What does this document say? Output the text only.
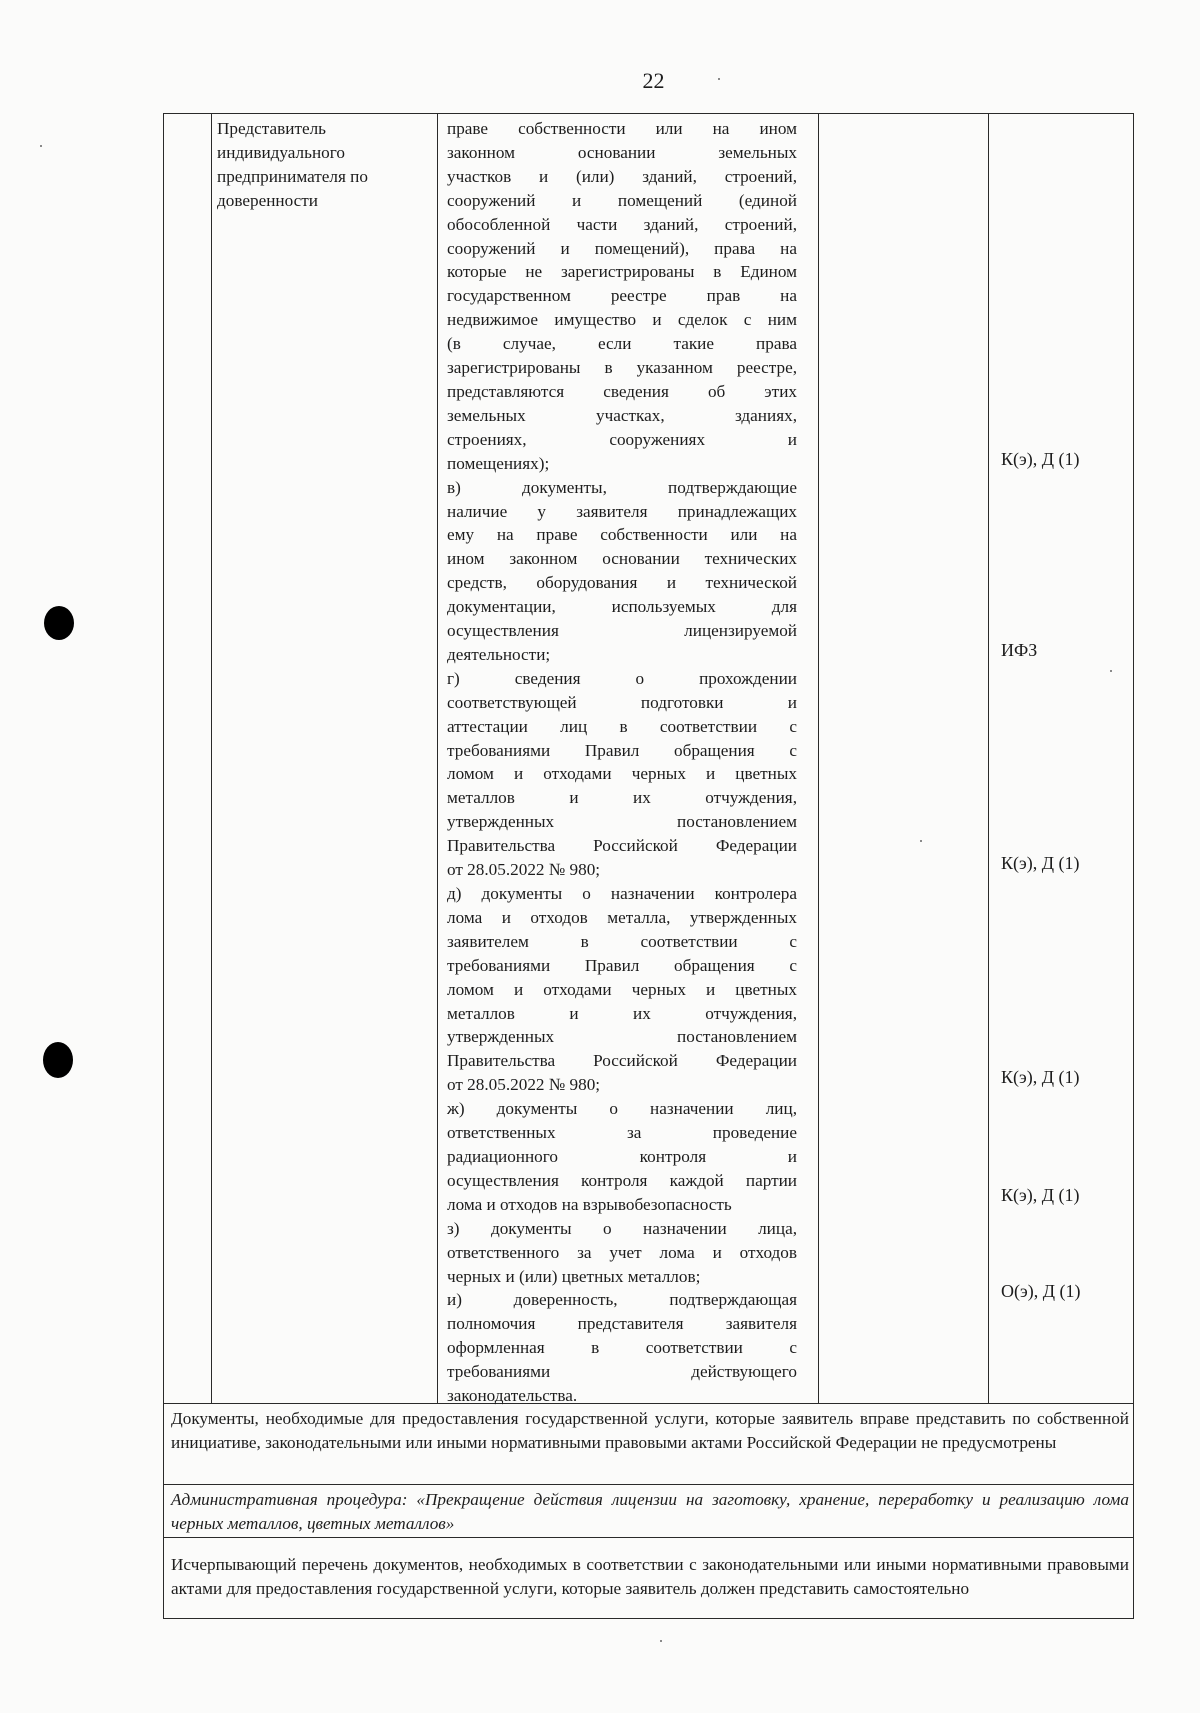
22
Представитель индивидуального предпринимателя по доверенности
праве собственности или на ином
законном основании земельных
участков и (или) зданий, строений,
сооружений и помещений (единой
обособленной части зданий, строений,
сооружений и помещений), права на
которые не зарегистрированы в Едином
государственном реестре прав на
недвижимое имущество и сделок с ним
(в случае, если такие права
зарегистрированы в указанном реестре,
представляются сведения об этих
земельных участках, зданиях,
строениях, сооружениях и
помещениях);
в) документы, подтверждающие
наличие у заявителя принадлежащих
ему на праве собственности или на
ином законном основании технических
средств, оборудования и технической
документации, используемых для
осуществления лицензируемой
деятельности;
г) сведения о прохождении
соответствующей подготовки и
аттестации лиц в соответствии с
требованиями Правил обращения с
ломом и отходами черных и цветных
металлов и их отчуждения,
утвержденных постановлением
Правительства Российской Федерации
от 28.05.2022 № 980;
д) документы о назначении контролера
лома и отходов металла, утвержденных
заявителем в соответствии с
требованиями Правил обращения с
ломом и отходами черных и цветных
металлов и их отчуждения,
утвержденных постановлением
Правительства Российской Федерации
от 28.05.2022 № 980;
ж) документы о назначении лиц,
ответственных за проведение
радиационного контроля и
осуществления контроля каждой партии
лома и отходов на взрывобезопасность
з) документы о назначении лица,
ответственного за учет лома и отходов
черных и (или) цветных металлов;
и) доверенность, подтверждающая
полномочия представителя заявителя
оформленная в соответствии с
требованиями действующего
законодательства.
К(э), Д (1)
ИФЗ
К(э), Д (1)
К(э), Д (1)
К(э), Д (1)
О(э), Д (1)
Документы, необходимые для предоставления государственной услуги, которые заявитель вправе представить по собственной инициативе, законодательными или иными нормативными правовыми актами Российской Федерации не предусмотрены
Административная процедура: «Прекращение действия лицензии на заготовку, хранение, переработку и реализацию лома черных металлов, цветных металлов»
Исчерпывающий перечень документов, необходимых в соответствии с законодательными или иными нормативными правовыми актами для предоставления государственной услуги, которые заявитель должен представить самостоятельно
